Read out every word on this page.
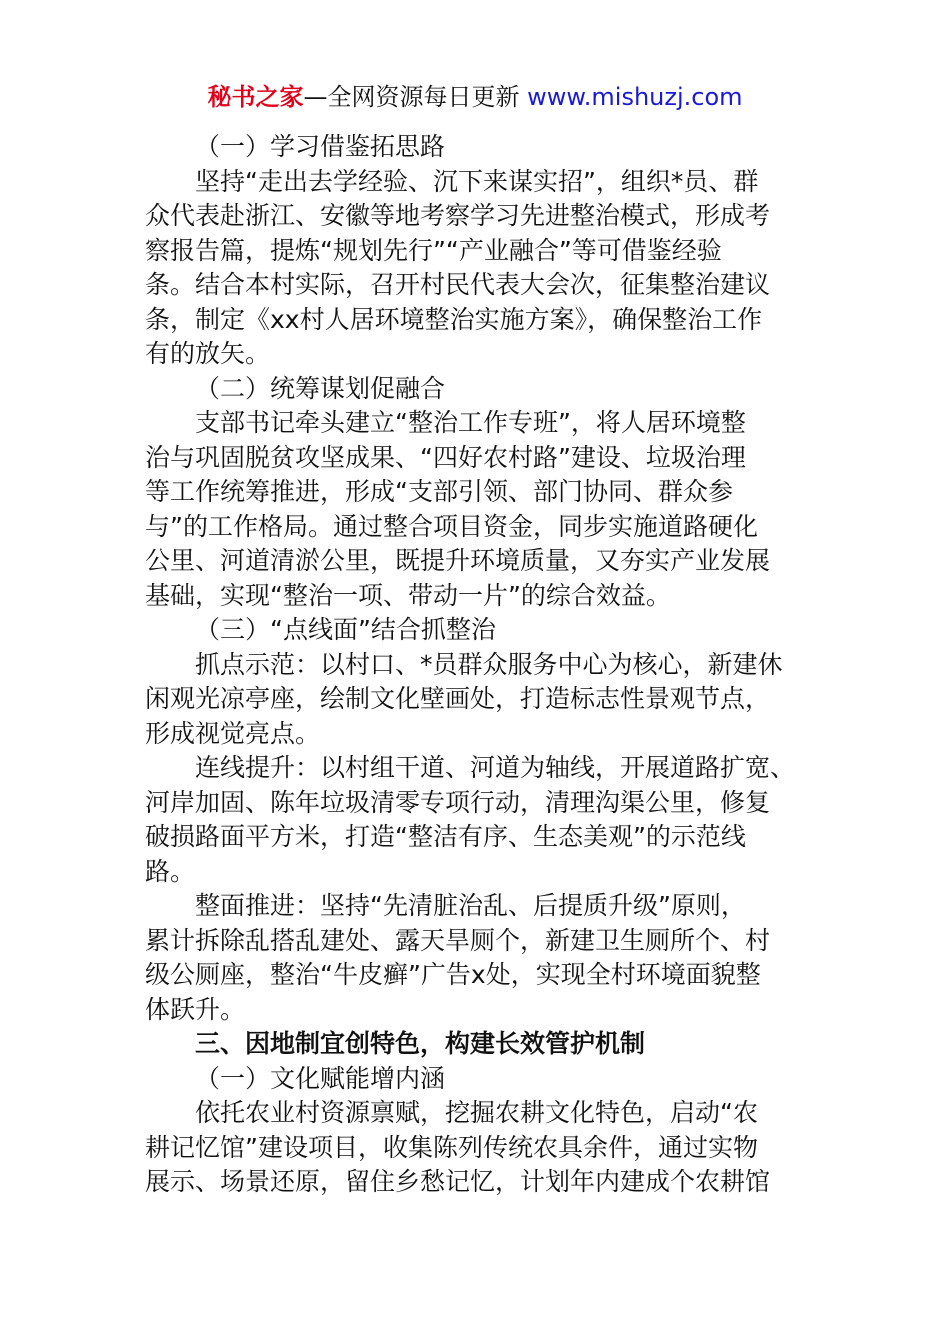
秘书之家—全网资源每日更新 www.mishuzj.com

（一）学习借鉴拓思路

坚持“走出去学经验、沉下来谋实招”，组织*员、群

众代表赴浙江、安徽等地考察学习先进整治模式，形成考

察报告篇，提炼“规划先行”“产业融合”等可借鉴经验

条。结合本村实际，召开村民代表大会次，征集整治建议

条，制定《xx村人居环境整治实施方案》，确保整治工作

有的放矢。

（二）统筹谋划促融合

支部书记牵头建立“整治工作专班”，将人居环境整

治与巩固脱贫攻坚成果、“四好农村路”建设、垃圾治理

等工作统筹推进，形成“支部引领、部门协同、群众参

与”的工作格局。通过整合项目资金，同步实施道路硬化

公里、河道清淤公里，既提升环境质量，又夯实产业发展

基础，实现“整治一项、带动一片”的综合效益。

（三）“点线面”结合抓整治

抓点示范：以村口、*员群众服务中心为核心，新建休

闲观光凉亭座，绘制文化壁画处，打造标志性景观节点，

形成视觉亮点。

连线提升：以村组干道、河道为轴线，开展道路扩宽、

河岸加固、陈年垃圾清零专项行动，清理沟渠公里，修复

破损路面平方米，打造“整洁有序、生态美观”的示范线

路。

整面推进：坚持“先清脏治乱、后提质升级”原则，

累计拆除乱搭乱建处、露天旱厕个，新建卫生厕所个、村

级公厕座，整治“牛皮癣”广告x处，实现全村环境面貌整

体跃升。

三、因地制宜创特色，构建长效管护机制

（一）文化赋能增内涵

依托农业村资源禀赋，挖掘农耕文化特色，启动“农

耕记忆馆”建设项目，收集陈列传统农具余件，通过实物

展示、场景还原，留住乡愁记忆，计划年内建成个农耕馆
